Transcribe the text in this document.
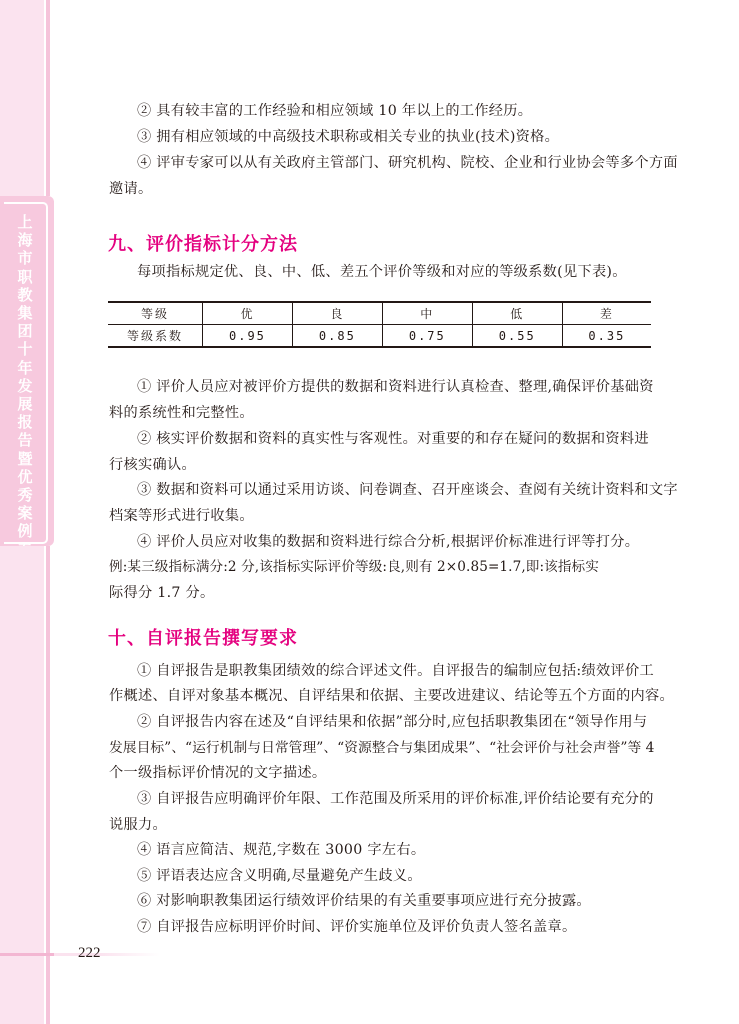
上
海
市
职
教
集
团
十
年
发
展
报
告
暨
优
秀
案
例
② 具有较丰富的工作经验和相应领域 10 年以上的工作经历。
③ 拥有相应领域的中高级技术职称或相关专业的执业(技术)资格。
④ 评审专家可以从有关政府主管部门、研究机构、院校、企业和行业协会等多个方面
邀请。
九、评价指标计分方法
每项指标规定优、良、中、低、差五个评价等级和对应的等级系数(见下表)。
等级	优	良	中	低	差
等级系数	0.95	0.85	0.75	0.55	0.35
① 评价人员应对被评价方提供的数据和资料进行认真检查、整理,确保评价基础资
料的系统性和完整性。
② 核实评价数据和资料的真实性与客观性。对重要的和存在疑问的数据和资料进
行核实确认。
③ 数据和资料可以通过采用访谈、问卷调查、召开座谈会、查阅有关统计资料和文字
档案等形式进行收集。
④ 评价人员应对收集的数据和资料进行综合分析,根据评价标准进行评等打分。
例:某三级指标满分:2 分,该指标实际评价等级:良,则有 2×0.85=1.7,即:该指标实
际得分 1.7 分。
十、自评报告撰写要求
① 自评报告是职教集团绩效的综合评述文件。自评报告的编制应包括:绩效评价工
作概述、自评对象基本概况、自评结果和依据、主要改进建议、结论等五个方面的内容。
② 自评报告内容在述及“自评结果和依据”部分时,应包括职教集团在“领导作用与
发展目标”、“运行机制与日常管理”、“资源整合与集团成果”、“社会评价与社会声誉”等 4
个一级指标评价情况的文字描述。
③ 自评报告应明确评价年限、工作范围及所采用的评价标准,评价结论要有充分的
说服力。
④ 语言应简洁、规范,字数在 3000 字左右。
⑤ 评语表达应含义明确,尽量避免产生歧义。
⑥ 对影响职教集团运行绩效评价结果的有关重要事项应进行充分披露。
⑦ 自评报告应标明评价时间、评价实施单位及评价负责人签名盖章。
222
